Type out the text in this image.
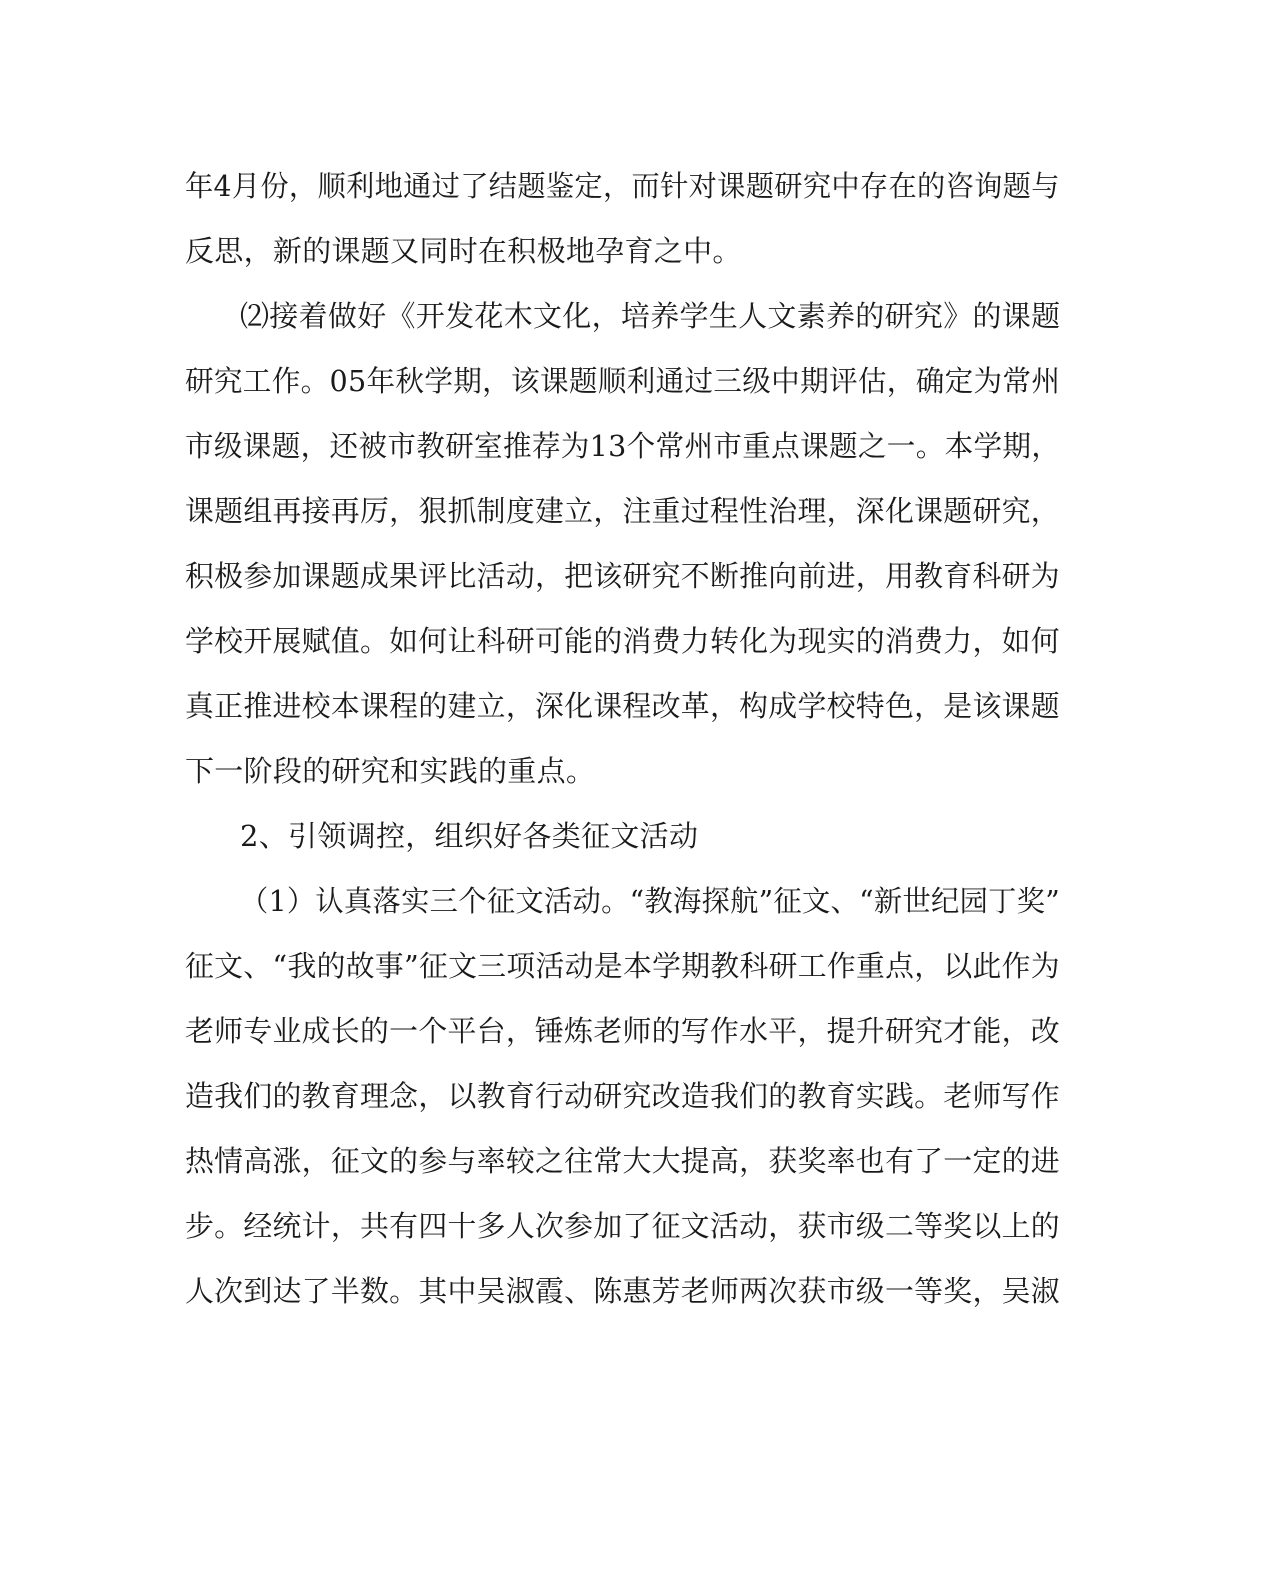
年4月份，顺利地通过了结题鉴定，而针对课题研究中存在的咨询题与
反思，新的课题又同时在积极地孕育之中。
⑵接着做好《开发花木文化，培养学生人文素养的研究》的课题
研究工作。05年秋学期，该课题顺利通过三级中期评估，确定为常州
市级课题，还被市教研室推荐为13个常州市重点课题之一。本学期，
课题组再接再厉，狠抓制度建立，注重过程性治理，深化课题研究，
积极参加课题成果评比活动，把该研究不断推向前进，用教育科研为
学校开展赋值。如何让科研可能的消费力转化为现实的消费力，如何
真正推进校本课程的建立，深化课程改革，构成学校特色，是该课题
下一阶段的研究和实践的重点。
2、引领调控，组织好各类征文活动
（1）认真落实三个征文活动。“教海探航”征文、“新世纪园丁奖”
征文、“我的故事”征文三项活动是本学期教科研工作重点，以此作为
老师专业成长的一个平台，锤炼老师的写作水平，提升研究才能，改
造我们的教育理念，以教育行动研究改造我们的教育实践。老师写作
热情高涨，征文的参与率较之往常大大提高，获奖率也有了一定的进
步。经统计，共有四十多人次参加了征文活动，获市级二等奖以上的
人次到达了半数。其中吴淑霞、陈惠芳老师两次获市级一等奖，吴淑
